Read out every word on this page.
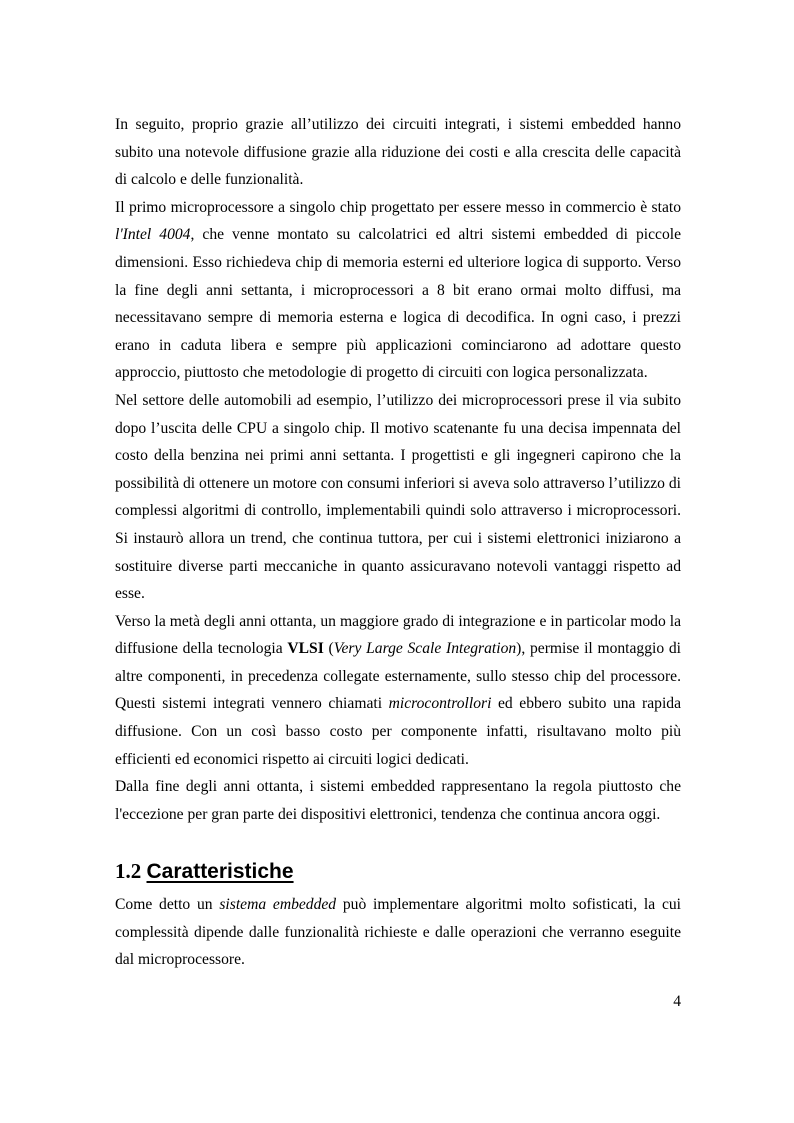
In seguito, proprio grazie all’utilizzo dei circuiti integrati, i sistemi embedded hanno subito una notevole diffusione grazie alla riduzione dei costi e alla crescita delle capacità di calcolo e delle funzionalità.

Il primo microprocessore a singolo chip progettato per essere messo in commercio è stato l'Intel 4004, che venne montato su calcolatrici ed altri sistemi embedded di piccole dimensioni. Esso richiedeva chip di memoria esterni ed ulteriore logica di supporto. Verso la fine degli anni settanta, i microprocessori a 8 bit erano ormai molto diffusi, ma necessitavano sempre di memoria esterna e logica di decodifica. In ogni caso, i prezzi erano in caduta libera e sempre più applicazioni cominciarono ad adottare questo approccio, piuttosto che metodologie di progetto di circuiti con logica personalizzata.

Nel settore delle automobili ad esempio, l’utilizzo dei microprocessori prese il via subito dopo l’uscita delle CPU a singolo chip. Il motivo scatenante fu una decisa impennata del costo della benzina nei primi anni settanta. I progettisti e gli ingegneri capirono che la possibilità di ottenere un motore con consumi inferiori si aveva solo attraverso l’utilizzo di complessi algoritmi di controllo, implementabili quindi solo attraverso i microprocessori. Si instaurò allora un trend, che continua tuttora, per cui i sistemi elettronici iniziarono a sostituire diverse parti meccaniche in quanto assicuravano notevoli vantaggi rispetto ad esse.

Verso la metà degli anni ottanta, un maggiore grado di integrazione e in particolar modo la diffusione della tecnologia VLSI (Very Large Scale Integration), permise il montaggio di altre componenti, in precedenza collegate esternamente, sullo stesso chip del processore. Questi sistemi integrati vennero chiamati microcontrollori ed ebbero subito una rapida diffusione. Con un così basso costo per componente infatti, risultavano molto più efficienti ed economici rispetto ai circuiti logici dedicati.

Dalla fine degli anni ottanta, i sistemi embedded rappresentano la regola piuttosto che l'eccezione per gran parte dei dispositivi elettronici, tendenza che continua ancora oggi.

1.2 Caratteristiche

Come detto un sistema embedded può implementare algoritmi molto sofisticati, la cui complessità dipende dalle funzionalità richieste e dalle operazioni che verranno eseguite dal microprocessore.

4
